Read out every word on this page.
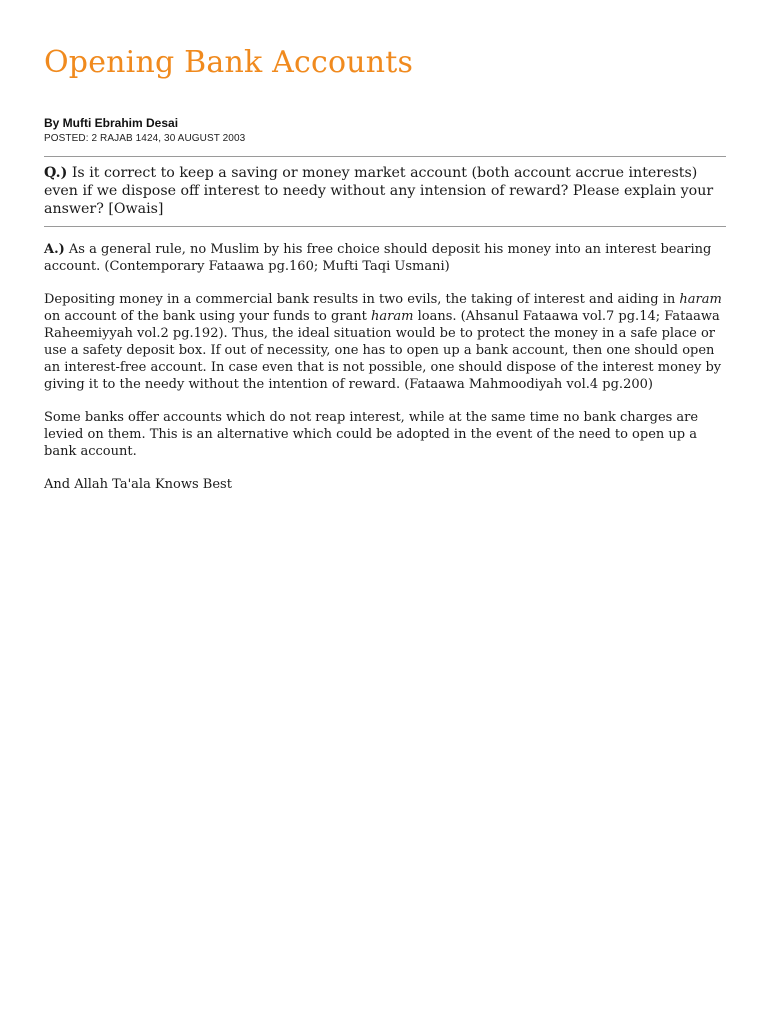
Opening Bank Accounts
By Mufti Ebrahim Desai
POSTED: 2 RAJAB 1424, 30 AUGUST 2003

Q.) Is it correct to keep a saving or money market account (both account accrue interests) even if we dispose off interest to needy without any intension of reward? Please explain your answer? [Owais]

A.) As a general rule, no Muslim by his free choice should deposit his money into an interest bearing account. (Contemporary Fataawa pg.160; Mufti Taqi Usmani)

Depositing money in a commercial bank results in two evils, the taking of interest and aiding in haram on account of the bank using your funds to grant haram loans. (Ahsanul Fataawa vol.7 pg.14; Fataawa Raheemiyyah vol.2 pg.192). Thus, the ideal situation would be to protect the money in a safe place or use a safety deposit box. If out of necessity, one has to open up a bank account, then one should open an interest-free account. In case even that is not possible, one should dispose of the interest money by giving it to the needy without the intention of reward. (Fataawa Mahmoodiyah vol.4 pg.200)

Some banks offer accounts which do not reap interest, while at the same time no bank charges are levied on them. This is an alternative which could be adopted in the event of the need to open up a bank account.

And Allah Ta'ala Knows Best
